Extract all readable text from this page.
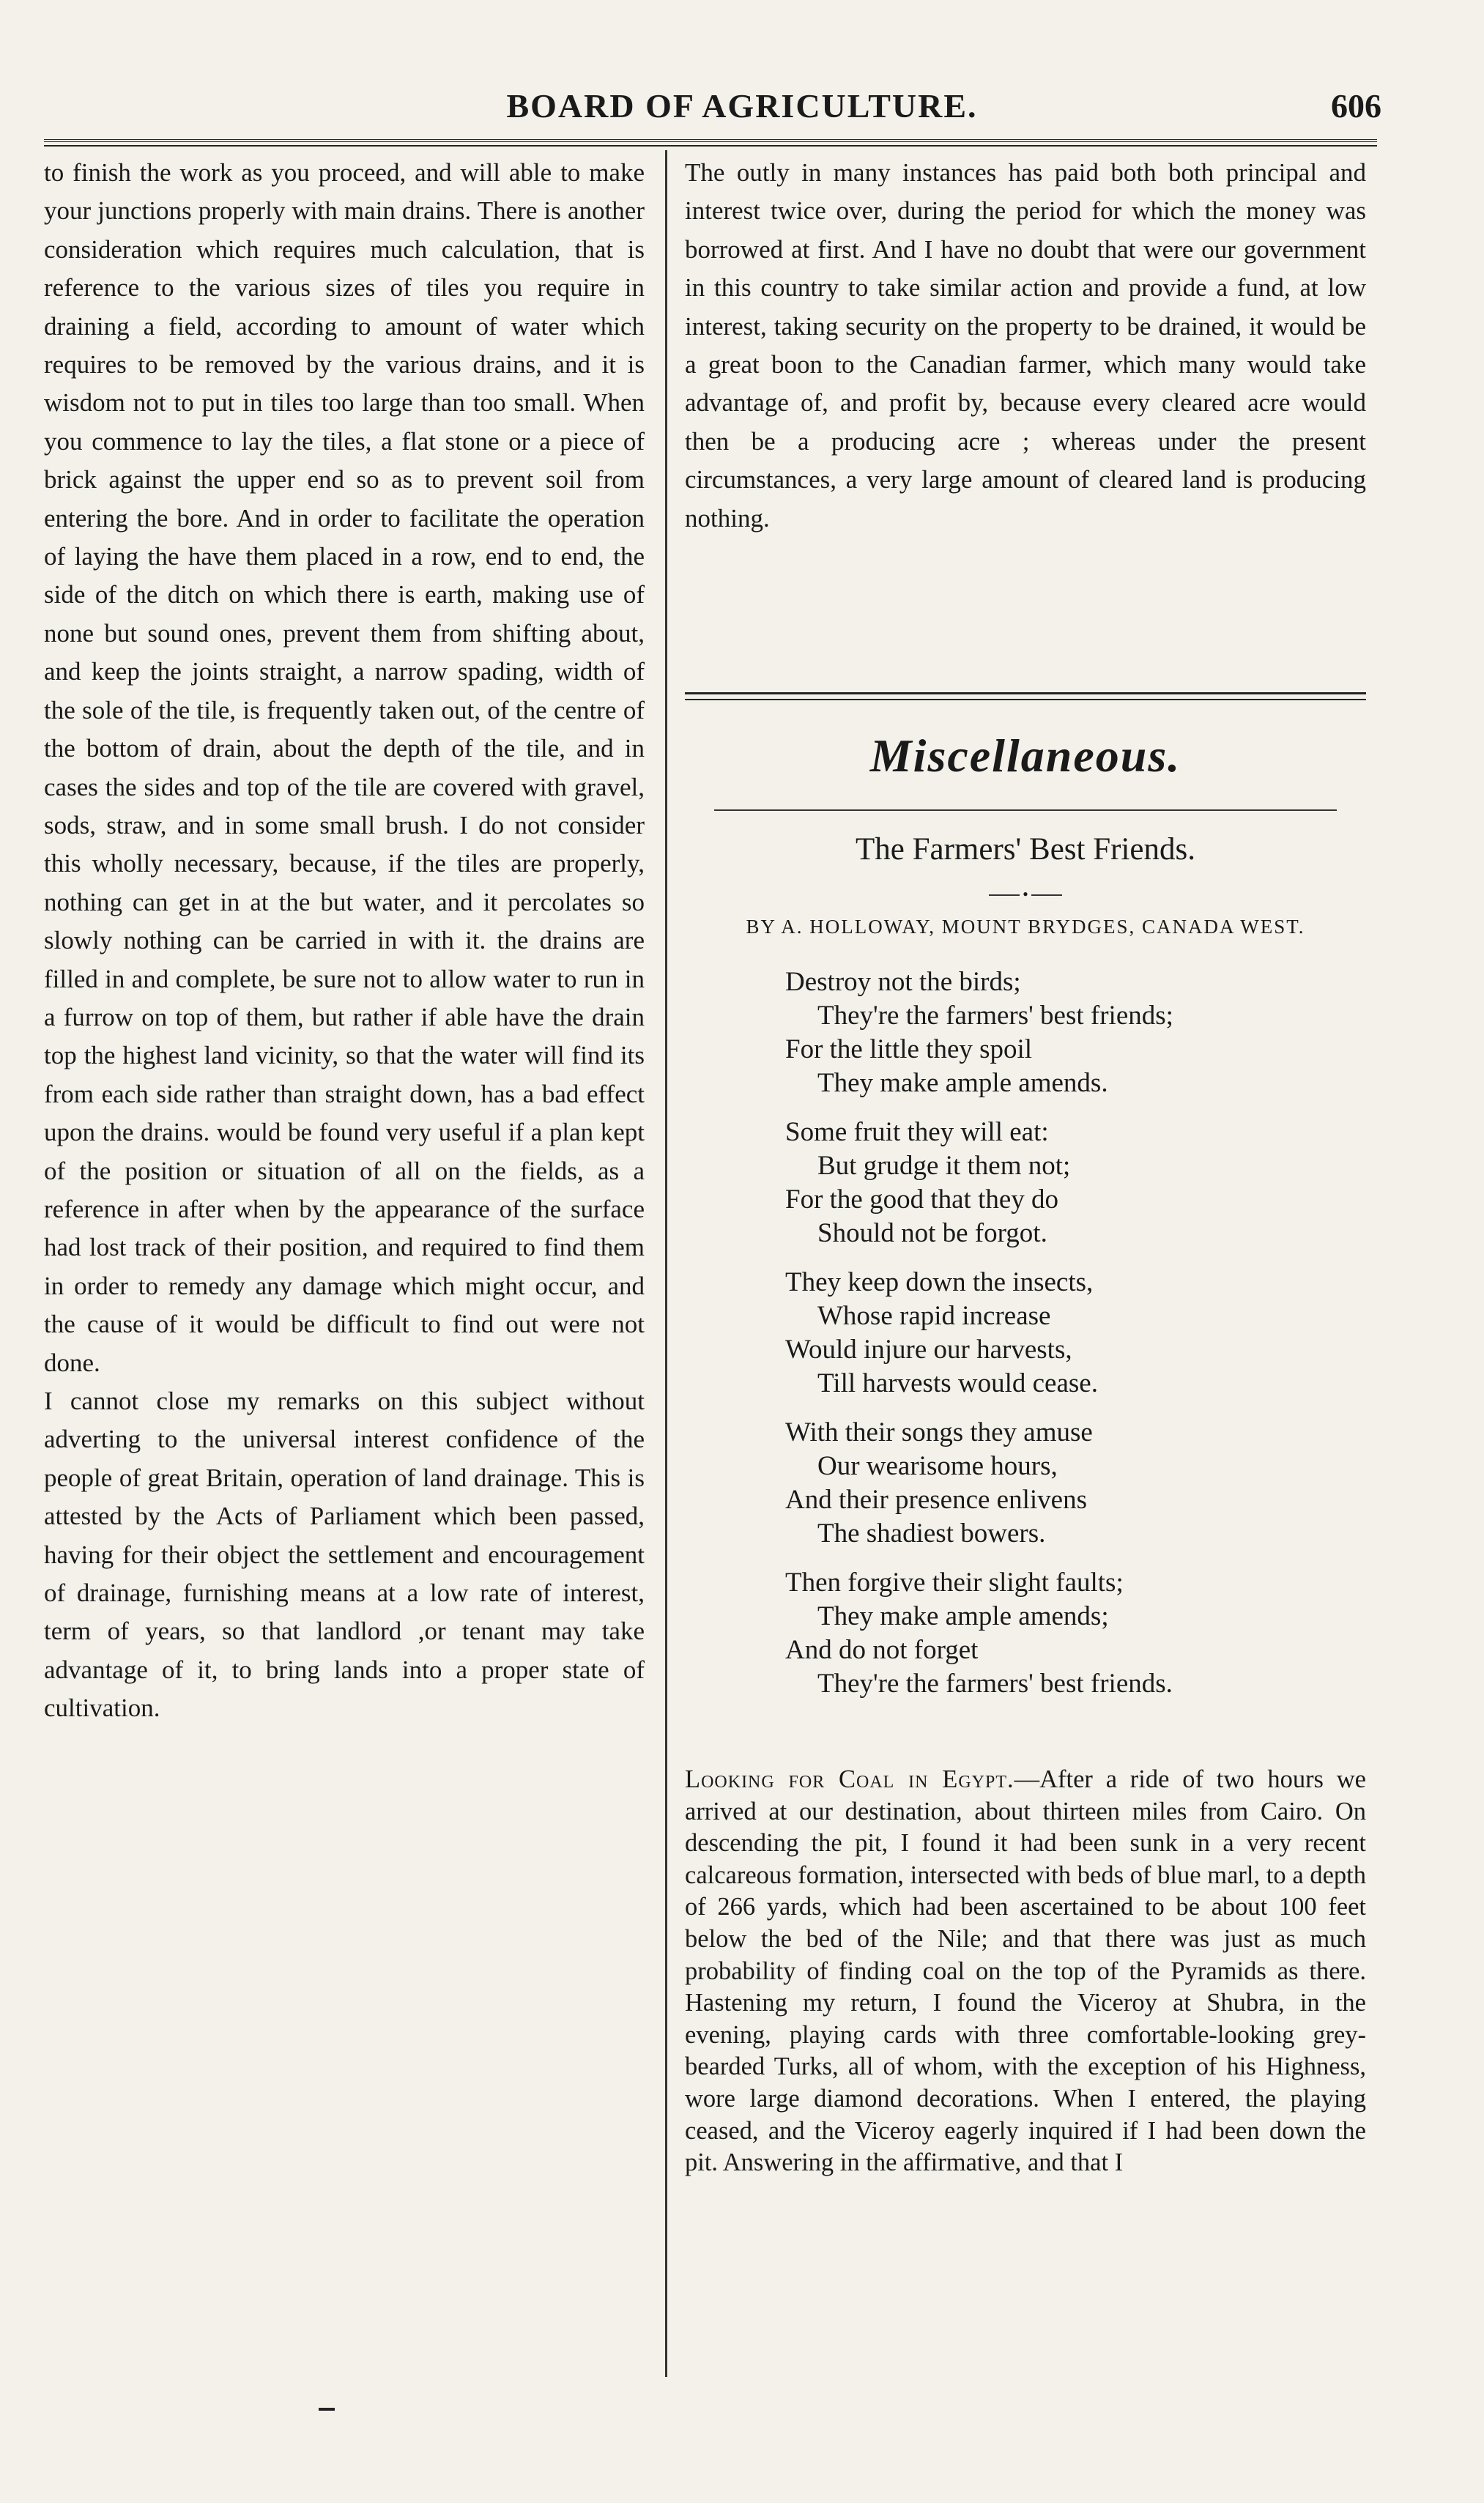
BOARD OF AGRICULTURE.	606

to finish the work as you proceed, and will able to make your junctions properly with main drains. There is another consideration which requires much calculation, that is reference to the various sizes of tiles you require in draining a field, according to amount of water which requires to be removed by the various drains, and it is wisdom not to put in tiles too large than too small. When you commence to lay the tiles, a flat stone or a piece of brick against the upper end so as to prevent soil from entering the bore. And in order to facilitate the operation of laying the have them placed in a row, end to end, the side of the ditch on which there is earth, making use of none but sound ones, prevent them from shifting about, and keep the joints straight, a narrow spading, width of the sole of the tile, is frequently taken out, of the centre of the bottom of drain, about the depth of the tile, and in cases the sides and top of the tile are covered with gravel, sods, straw, and in some small brush. I do not consider this wholly necessary, because, if the tiles are properly, nothing can get in at the but water, and it percolates so slowly nothing can be carried in with it. the drains are filled in and complete, be sure not to allow water to run in a furrow on top of them, but rather if able have the drain top the highest land vicinity, so that the water will find its from each side rather than straight down, has a bad effect upon the drains. would be found very useful if a plan kept of the position or situation of all on the fields, as a reference in after when by the appearance of the surface had lost track of their position, and required to find them in order to remedy any damage which might occur, and the cause of it would be difficult to find out were not done.

I cannot close my remarks on this subject without adverting to the universal interest confidence of the people of great Britain, operation of land drainage. This is attested by the Acts of Parliament which been passed, having for their object the settlement and encouragement of drainage, furnishing means at a low rate of interest, term of years, so that landlord ,or tenant may take advantage of it, to bring lands into a proper state of cultivation.

The outly in many instances has paid both both principal and interest twice over, during the period for which the money was borrowed at first. And I have no doubt that were our government in this country to take similar action and provide a fund, at low interest, taking security on the property to be drained, it would be a great boon to the Canadian farmer, which many would take advantage of, and profit by, because every cleared acre would then be a producing acre ; whereas under the present circumstances, a very large amount of cleared land is producing nothing.

Miscellaneous.
The Farmers' Best Friends.
•
BY A. HOLLOWAY, MOUNT BRYDGES, CANADA WEST.
Destroy not the birds;
They're the farmers' best friends;
For the little they spoil
They make ample amends.
Some fruit they will eat:
But grudge it them not;
For the good that they do
Should not be forgot.
They keep down the insects,
Whose rapid increase
Would injure our harvests,
Till harvests would cease.
With their songs they amuse
Our wearisome hours,
And their presence enlivens
The shadiest bowers.
Then forgive their slight faults;
They make ample amends;
And do not forget
They're the farmers' best friends.
Looking for Coal in Egypt.—After a ride of two hours we arrived at our destination, about thirteen miles from Cairo. On descending the pit, I found it had been sunk in a very recent calcareous formation, intersected with beds of blue marl, to a depth of 266 yards, which had been ascertained to be about 100 feet below the bed of the Nile; and that there was just as much probability of finding coal on the top of the Pyramids as there. Hastening my return, I found the Viceroy at Shubra, in the evening, playing cards with three comfortable-looking grey-bearded Turks, all of whom, with the exception of his Highness, wore large diamond decorations. When I entered, the playing ceased, and the Viceroy eagerly inquired if I had been down the pit. Answering in the affirmative, and that I
